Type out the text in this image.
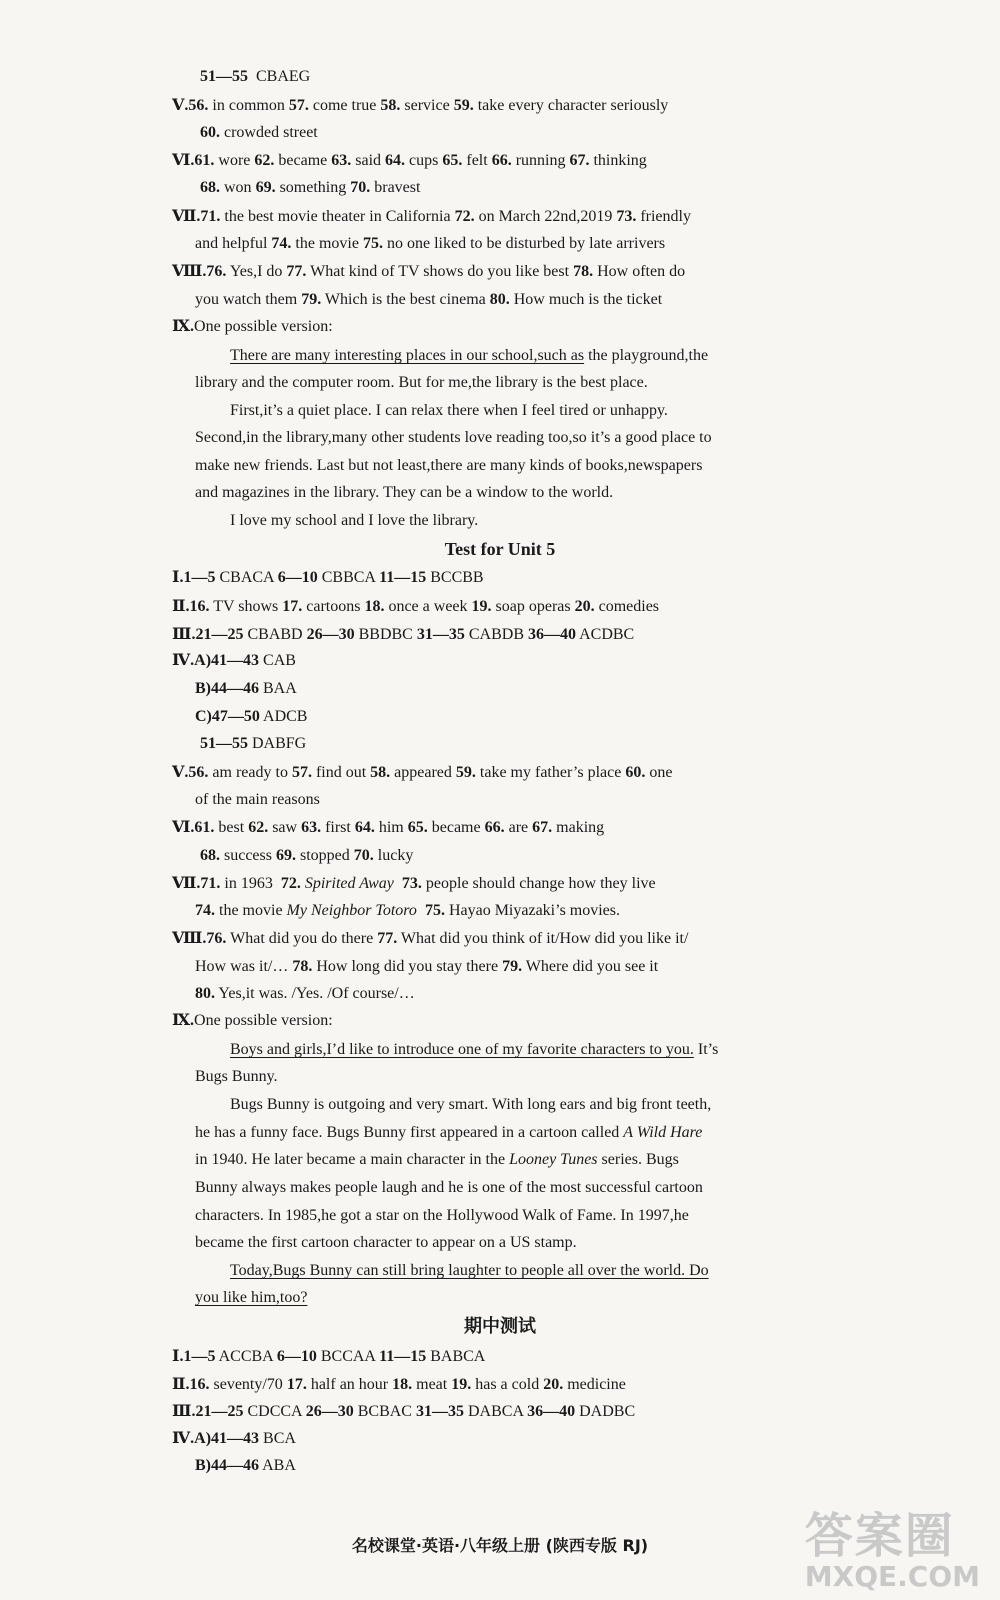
51—55 CBAEG
Ⅴ.56. in common 57. come true 58. service 59. take every character seriously
60. crowded street
Ⅵ.61. wore 62. became 63. said 64. cups 65. felt 66. running 67. thinking
68. won 69. something 70. bravest
Ⅶ.71. the best movie theater in California 72. on March 22nd,2019 73. friendly
and helpful 74. the movie 75. no one liked to be disturbed by late arrivers
Ⅷ.76. Yes,I do 77. What kind of TV shows do you like best 78. How often do
you watch them 79. Which is the best cinema 80. How much is the ticket
Ⅸ.One possible version:
There are many interesting places in our school,such as the playground,the
library and the computer room. But for me,the library is the best place.
First,it’s a quiet place. I can relax there when I feel tired or unhappy.
Second,in the library,many other students love reading too,so it’s a good place to
make new friends. Last but not least,there are many kinds of books,newspapers
and magazines in the library. They can be a window to the world.
I love my school and I love the library.
Test for Unit 5
Ⅰ.1—5 CBACA 6—10 CBBCA 11—15 BCCBB
Ⅱ.16. TV shows 17. cartoons 18. once a week 19. soap operas 20. comedies
Ⅲ.21—25 CBABD 26—30 BBDBC 31—35 CABDB 36—40 ACDBC
Ⅳ.A)41—43 CAB
B)44—46 BAA
C)47—50 ADCB
51—55 DABFG
Ⅴ.56. am ready to 57. find out 58. appeared 59. take my father’s place 60. one
of the main reasons
Ⅵ.61. best 62. saw 63. first 64. him 65. became 66. are 67. making
68. success 69. stopped 70. lucky
Ⅶ.71. in 1963  72. Spirited Away 73. people should change how they live
74. the movie My Neighbor Totoro 75. Hayao Miyazaki’s movies.
Ⅷ.76. What did you do there 77. What did you think of it/How did you like it/
How was it/… 78. How long did you stay there 79. Where did you see it
80. Yes,it was. /Yes. /Of course/…
Ⅸ.One possible version:
Boys and girls,I’d like to introduce one of my favorite characters to you. It’s
Bugs Bunny.
Bugs Bunny is outgoing and very smart. With long ears and big front teeth,
he has a funny face. Bugs Bunny first appeared in a cartoon called A Wild Hare
in 1940. He later became a main character in the Looney Tunes series. Bugs
Bunny always makes people laugh and he is one of the most successful cartoon
characters. In 1985,he got a star on the Hollywood Walk of Fame. In 1997,he
became the first cartoon character to appear on a US stamp.
Today,Bugs Bunny can still bring laughter to people all over the world. Do
you like him,too?
期中测试
Ⅰ.1—5 ACCBA 6—10 BCCAA 11—15 BABCA
Ⅱ.16. seventy/70 17. half an hour 18. meat 19. has a cold 20. medicine
Ⅲ.21—25 CDCCA 26—30 BCBAC 31—35 DABCA 36—40 DADBC
Ⅳ.A)41—43 BCA
B)44—46 ABA
名校课堂·英语·八年级上册 (陕西专版 RJ)	答案圈
MXQE.COM
